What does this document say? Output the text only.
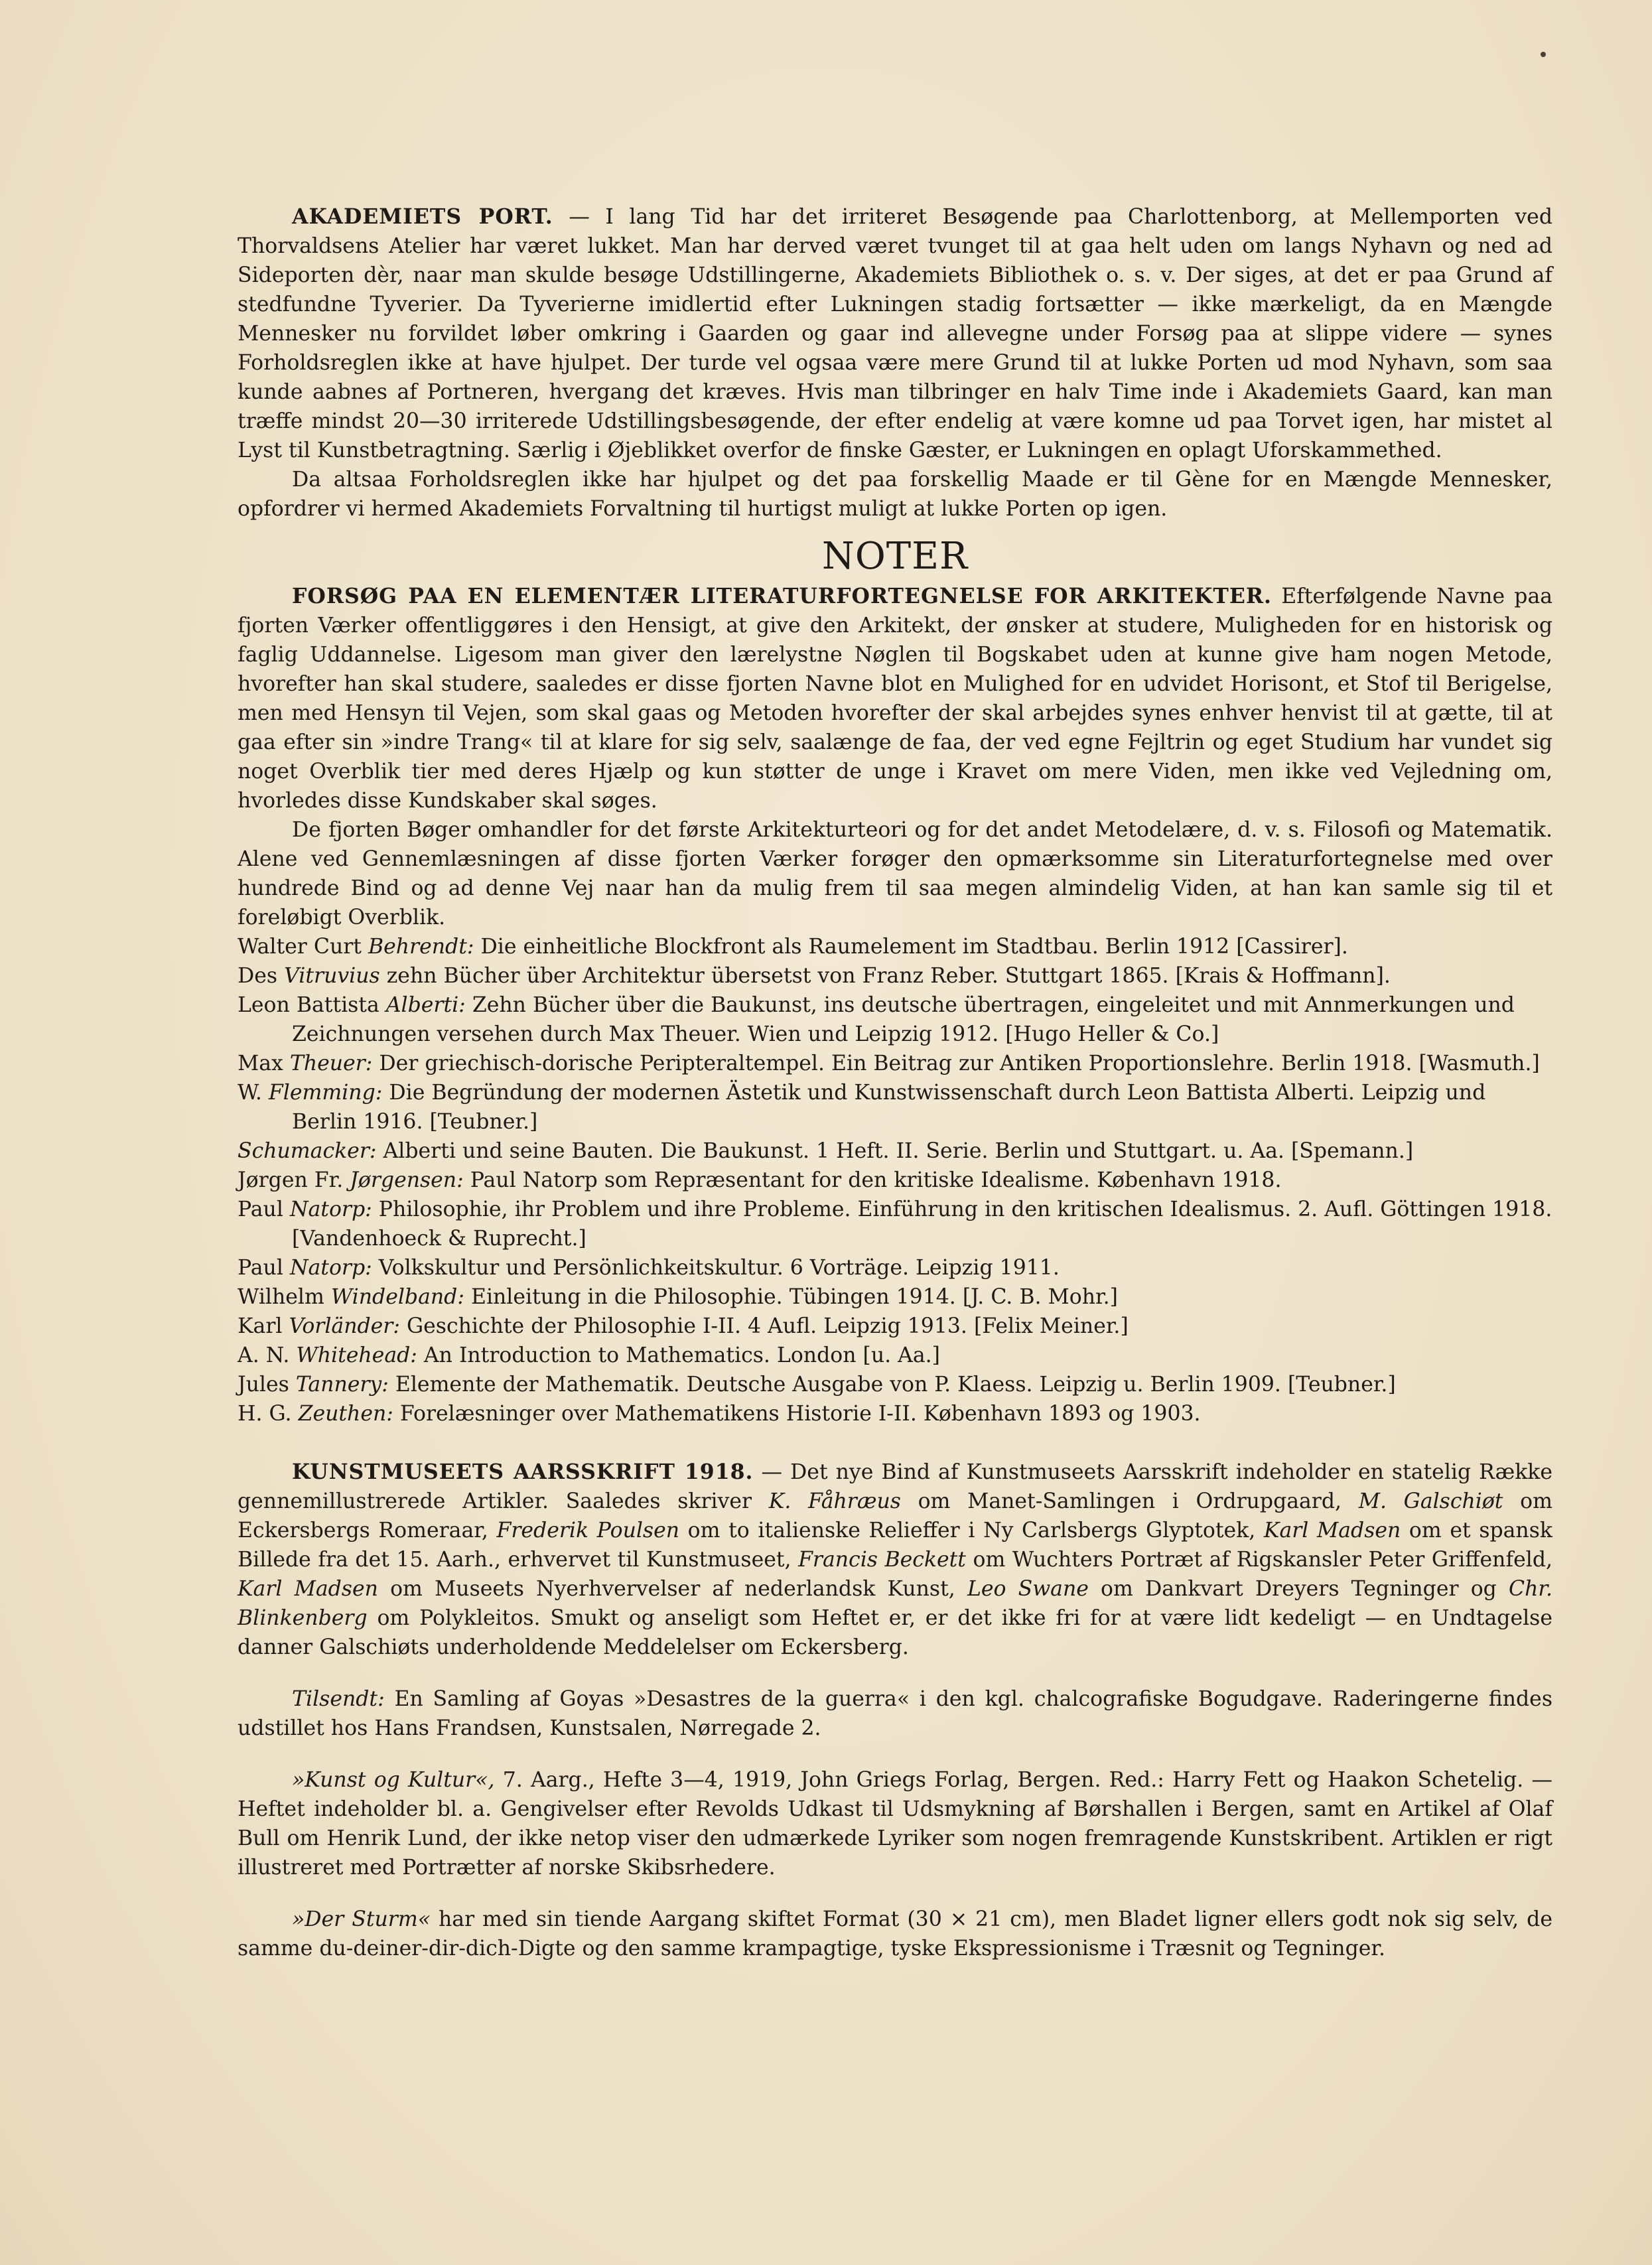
AKADEMIETS PORT. — I lang Tid har det irriteret Besøgende paa Charlottenborg, at Mellemporten ved Thorvaldsens Atelier har været lukket. Man har derved været tvunget til at gaa helt uden om langs Nyhavn og ned ad Sideporten dèr, naar man skulde besøge Udstillingerne, Akademiets Bibliothek o. s. v. Der siges, at det er paa Grund af stedfundne Tyverier. Da Tyverierne imidlertid efter Lukningen stadig fortsætter — ikke mærkeligt, da en Mængde Mennesker nu forvildet løber omkring i Gaarden og gaar ind allevegne under Forsøg paa at slippe videre — synes Forholdsreglen ikke at have hjulpet. Der turde vel ogsaa være mere Grund til at lukke Porten ud mod Nyhavn, som saa kunde aabnes af Portneren, hvergang det kræves. Hvis man tilbringer en halv Time inde i Akademiets Gaard, kan man træffe mindst 20—30 irriterede Udstillingsbesøgende, der efter endelig at være komne ud paa Torvet igen, har mistet al Lyst til Kunstbetragtning. Særlig i Øjeblikket overfor de finske Gæster, er Lukningen en oplagt Uforskammethed.

Da altsaa Forholdsreglen ikke har hjulpet og det paa forskellig Maade er til Gène for en Mængde Mennesker, opfordrer vi hermed Akademiets Forvaltning til hurtigst muligt at lukke Porten op igen.

NOTER

FORSØG PAA EN ELEMENTÆR LITERATURFORTEGNELSE FOR ARKITEKTER. Efterfølgende Navne paa fjorten Værker offentliggøres i den Hensigt, at give den Arkitekt, der ønsker at studere, Muligheden for en historisk og faglig Uddannelse. Ligesom man giver den lærelystne Nøglen til Bogskabet uden at kunne give ham nogen Metode, hvorefter han skal studere, saaledes er disse fjorten Navne blot en Mulighed for en udvidet Horisont, et Stof til Berigelse, men med Hensyn til Vejen, som skal gaas og Metoden hvorefter der skal arbejdes synes enhver henvist til at gætte, til at gaa efter sin »indre Trang« til at klare for sig selv, saalænge de faa, der ved egne Fejltrin og eget Studium har vundet sig noget Overblik tier med deres Hjælp og kun støtter de unge i Kravet om mere Viden, men ikke ved Vejledning om, hvorledes disse Kundskaber skal søges.

De fjorten Bøger omhandler for det første Arkitekturteori og for det andet Metodelære, d. v. s. Filosofi og Matematik. Alene ved Gennemlæsningen af disse fjorten Værker forøger den opmærksomme sin Literaturfortegnelse med over hundrede Bind og ad denne Vej naar han da mulig frem til saa megen almindelig Viden, at han kan samle sig til et foreløbigt Overblik.

Walter Curt Behrendt: Die einheitliche Blockfront als Raumelement im Stadtbau. Berlin 1912 [Cassirer].
Des Vitruvius zehn Bücher über Architektur übersetst von Franz Reber. Stuttgart 1865. [Krais & Hoffmann].
Leon Battista Alberti: Zehn Bücher über die Baukunst, ins deutsche übertragen, eingeleitet und mit Annmerkungen und Zeichnungen versehen durch Max Theuer. Wien und Leipzig 1912. [Hugo Heller & Co.]
Max Theuer: Der griechisch-dorische Peripteraltempel. Ein Beitrag zur Antiken Proportionslehre. Berlin 1918. [Wasmuth.]
W. Flemming: Die Begründung der modernen Ästetik und Kunstwissenschaft durch Leon Battista Alberti. Leipzig und Berlin 1916. [Teubner.]
Schumacker: Alberti und seine Bauten. Die Baukunst. 1 Heft. II. Serie. Berlin und Stuttgart. u. Aa. [Spemann.]
Jørgen Fr. Jørgensen: Paul Natorp som Repræsentant for den kritiske Idealisme. København 1918.
Paul Natorp: Philosophie, ihr Problem und ihre Probleme. Einführung in den kritischen Idealismus. 2. Aufl. Göttingen 1918. [Vandenhoeck & Ruprecht.]
Paul Natorp: Volkskultur und Persönlichkeitskultur. 6 Vorträge. Leipzig 1911.
Wilhelm Windelband: Einleitung in die Philosophie. Tübingen 1914. [J. C. B. Mohr.]
Karl Vorländer: Geschichte der Philosophie I-II. 4 Aufl. Leipzig 1913. [Felix Meiner.]
A. N. Whitehead: An Introduction to Mathematics. London [u. Aa.]
Jules Tannery: Elemente der Mathematik. Deutsche Ausgabe von P. Klaess. Leipzig u. Berlin 1909. [Teubner.]
H. G. Zeuthen: Forelæsninger over Mathematikens Historie I-II. København 1893 og 1903.

KUNSTMUSEETS AARSSKRIFT 1918. — Det nye Bind af Kunstmuseets Aarsskrift indeholder en statelig Række gennemillustrerede Artikler. Saaledes skriver K. Fåhræus om Manet-Samlingen i Ordrupgaard, M. Galschiøt om Eckersbergs Romeraar, Frederik Poulsen om to italienske Relieffer i Ny Carlsbergs Glyptotek, Karl Madsen om et spansk Billede fra det 15. Aarh., erhvervet til Kunstmuseet, Francis Beckett om Wuchters Portræt af Rigskansler Peter Griffenfeld, Karl Madsen om Museets Nyerhvervelser af nederlandsk Kunst, Leo Swane om Dankvart Dreyers Tegninger og Chr. Blinkenberg om Polykleitos. Smukt og anseligt som Heftet er, er det ikke fri for at være lidt kedeligt — en Undtagelse danner Galschiøts underholdende Meddelelser om Eckersberg.

Tilsendt: En Samling af Goyas »Desastres de la guerra« i den kgl. chalcografiske Bogudgave. Raderingerne findes udstillet hos Hans Frandsen, Kunstsalen, Nørregade 2.

»Kunst og Kultur«, 7. Aarg., Hefte 3—4, 1919, John Griegs Forlag, Bergen. Red.: Harry Fett og Haakon Schetelig. — Heftet indeholder bl. a. Gengivelser efter Revolds Udkast til Udsmykning af Børshallen i Bergen, samt en Artikel af Olaf Bull om Henrik Lund, der ikke netop viser den udmærkede Lyriker som nogen fremragende Kunstskribent. Artiklen er rigt illustreret med Portrætter af norske Skibsrhedere.

»Der Sturm« har med sin tiende Aargang skiftet Format (30 × 21 cm), men Bladet ligner ellers godt nok sig selv, de samme du-deiner-dir-dich-Digte og den samme krampagtige, tyske Ekspressionisme i Træsnit og Tegninger.
